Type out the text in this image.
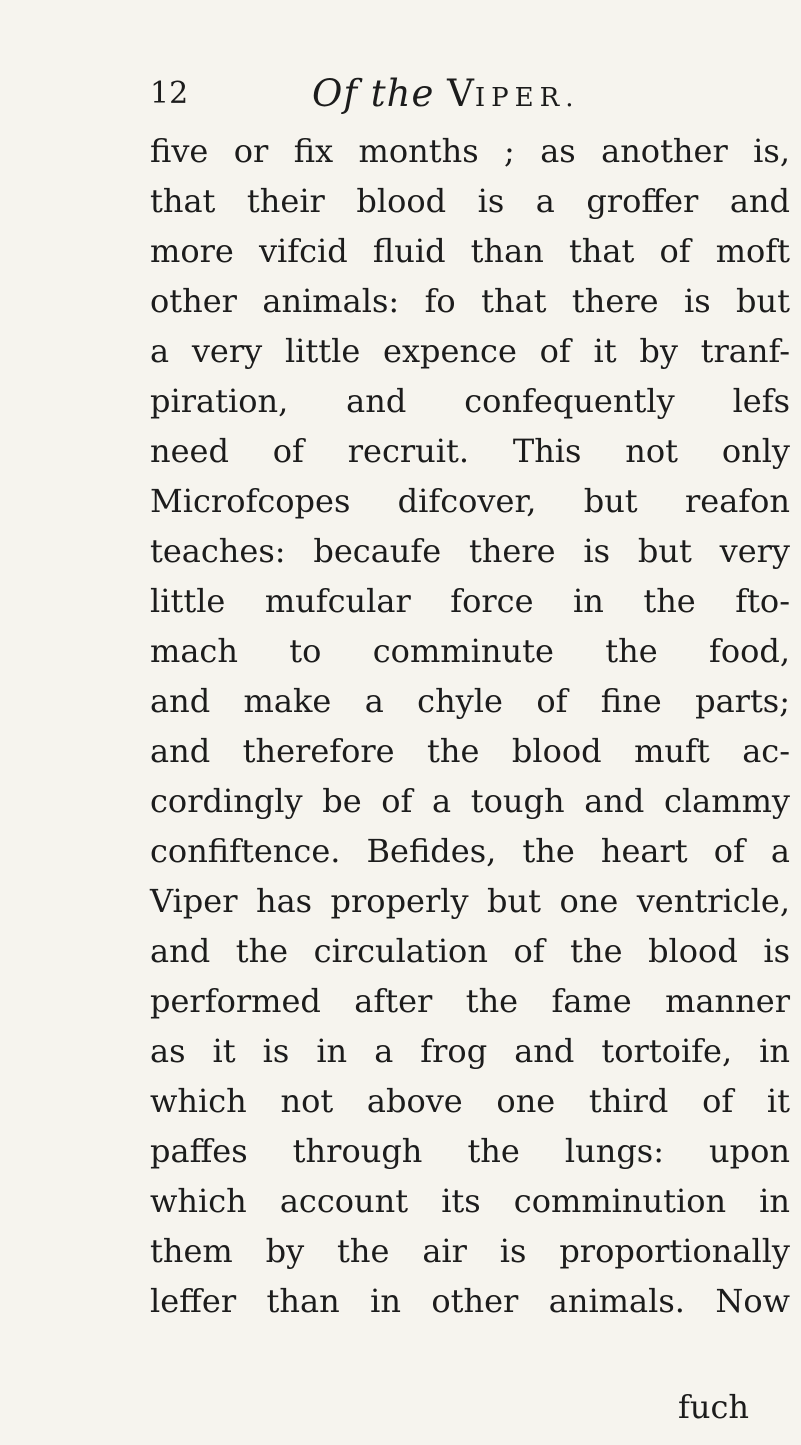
12	Of the VIPER.
five or fix months ; as another is,
that their blood is a groffer and
more vifcid fluid than that of moft
other animals: fo that there is but
a very little expence of it by tranf-
piration, and confequently lefs
need of recruit. This not only
Microfcopes difcover, but reafon
teaches: becaufe there is but very
little mufcular force in the fto-
mach to comminute the food,
and make a chyle of fine parts;
and therefore the blood muft ac-
cordingly be of a tough and clammy
confiftence. Befides, the heart of a
Viper has properly but one ventricle,
and the circulation of the blood is
performed after the fame manner
as it is in a frog and tortoife, in
which not above one third of it
paffes through the lungs: upon
which account its comminution in
them by the air is proportionally
leffer than in other animals. Now
fuch
